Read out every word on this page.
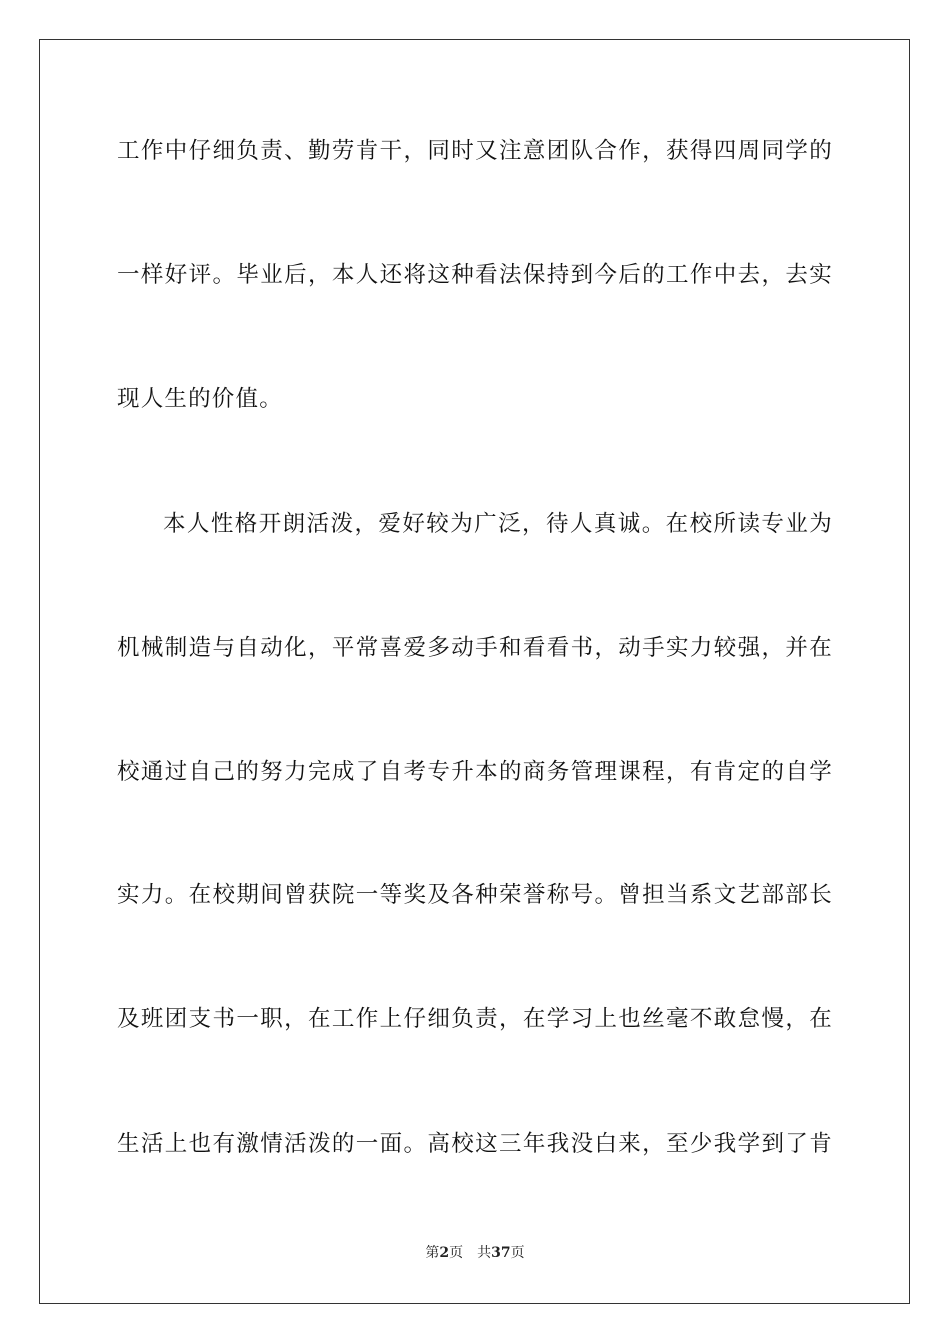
工作中仔细负责、勤劳肯干，同时又注意团队合作，获得四周同学的
一样好评。毕业后，本人还将这种看法保持到今后的工作中去，去实
现人生的价值。
本人性格开朗活泼，爱好较为广泛，待人真诚。在校所读专业为
机械制造与自动化，平常喜爱多动手和看看书，动手实力较强，并在
校通过自己的努力完成了自考专升本的商务管理课程，有肯定的自学
实力。在校期间曾获院一等奖及各种荣誉称号。曾担当系文艺部部长
及班团支书一职，在工作上仔细负责，在学习上也丝毫不敢怠慢，在
生活上也有激情活泼的一面。高校这三年我没白来，至少我学到了肯
第2页 共37页
